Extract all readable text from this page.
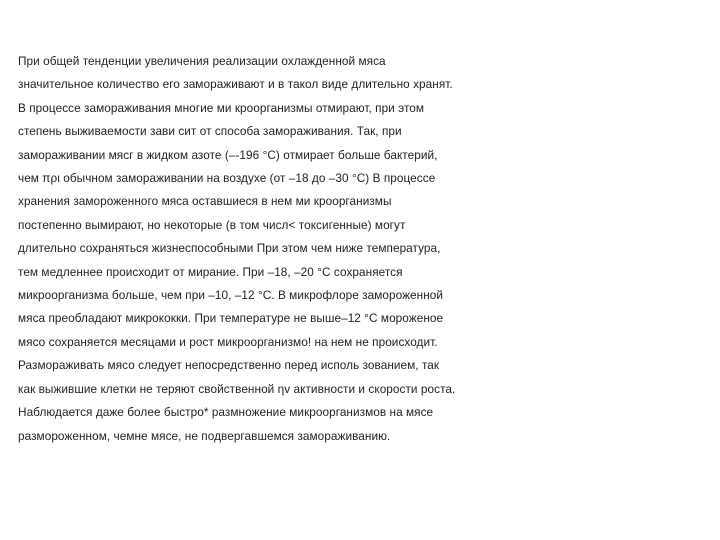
При общей тенденции увеличения реализации охлажденной мяса
значительное количество его замораживают и в такол виде длительно хранят.
В процессе замораживания многие ми кроорганизмы отмирают, при этом
степень выживаемости зави сит от способа замораживания. Так, при
замораживании мясг в жидком азоте (–-196 °С) отмирает больше бактерий,
чем πρι обычном замораживании на воздухе (от –18 до –30 °С) В процессе
хранения замороженного мяса оставшиеся в нем ми кроорганизмы
постепенно вымирают, но некоторые (в том числ< токсигенные) могут
длительно сохраняться жизнеспособными При этом чем ниже температура,
тем медленнее происходит от мирание. При –18, –20 °С сохраняется
микроорганизма больше, чем при –10, –12 °С. В микрофлоре замороженной
мяса преобладают микрококки. При температуре не выше–12 °С мороженое
мясо сохраняется месяцами и рост микроорганизмо! на нем не происходит.
Размораживать мясо следует непосредственно перед исполь зованием, так
как выжившие клетки не теряют свойственной ηv активности и скорости роста.
Наблюдается даже более быстро* размножение микроорганизмов на мясе
размороженном, чемне мясе, не подвергавшемся замораживанию.
